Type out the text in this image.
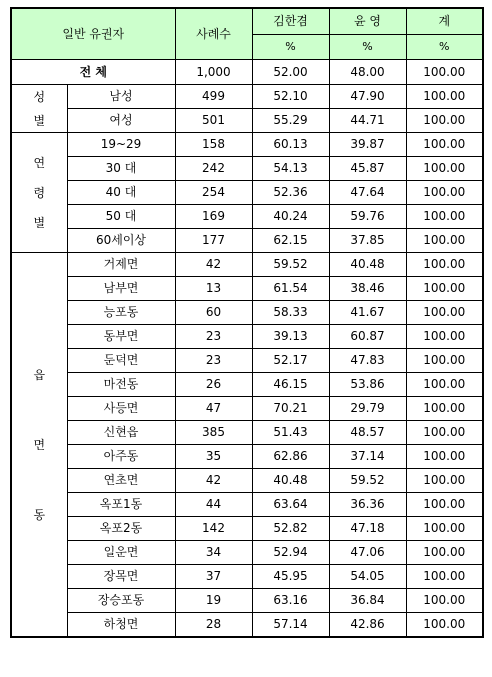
일반 유권자		사례수	김한겸	윤 영	계
			%	%	%
전 체		1,000	52.00	48.00	100.00

성
별	남성	499	52.10	47.90	100.00
	여성	501	55.29	44.71	100.00

연
령
별	19~29	158	60.13	39.87	100.00
	30 대	242	54.13	45.87	100.00
	40 대	254	52.36	47.64	100.00
	50 대	169	40.24	59.76	100.00
	60세이상	177	62.15	37.85	100.00

읍
면
동	거제면	42	59.52	40.48	100.00
	남부면	13	61.54	38.46	100.00
	능포동	60	58.33	41.67	100.00
	동부면	23	39.13	60.87	100.00
	둔덕면	23	52.17	47.83	100.00
	마전동	26	46.15	53.86	100.00
	사등면	47	70.21	29.79	100.00
	신현읍	385	51.43	48.57	100.00
	아주동	35	62.86	37.14	100.00
	연초면	42	40.48	59.52	100.00
	옥포1동	44	63.64	36.36	100.00
	옥포2동	142	52.82	47.18	100.00
	일운면	34	52.94	47.06	100.00
	장목면	37	45.95	54.05	100.00
	장승포동	19	63.16	36.84	100.00
	하청면	28	57.14	42.86	100.00
